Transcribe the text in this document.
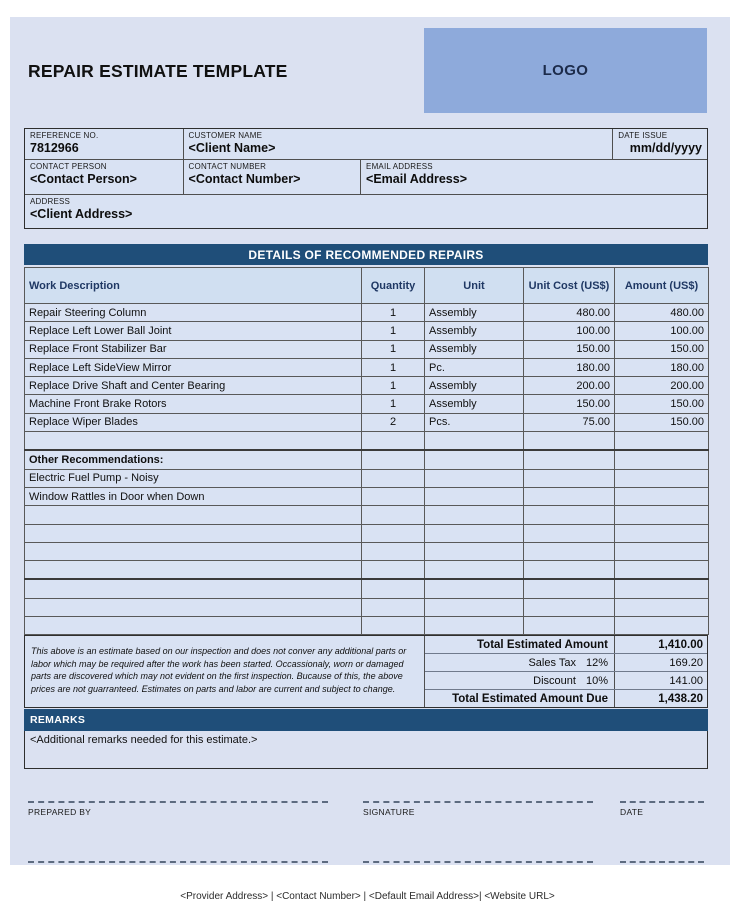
REPAIR ESTIMATE TEMPLATE	LOGO
REFERENCE NO.
7812966
CUSTOMER NAME
<Client Name>
DATE ISSUE
mm/dd/yyyy
CONTACT PERSON
<Contact Person>
CONTACT NUMBER
<Contact Number>
EMAIL ADDRESS
<Email Address>
ADDRESS
<Client Address>
DETAILS OF RECOMMENDED REPAIRS
Work Description	Quantity	Unit	Unit Cost (US$)	Amount (US$)
Repair Steering Column	1	Assembly	480.00	480.00
Replace Left Lower Ball Joint	1	Assembly	100.00	100.00
Replace Front Stabilizer Bar	1	Assembly	150.00	150.00
Replace Left SideView Mirror	1	Pc.	180.00	180.00
Replace Drive Shaft and Center Bearing	1	Assembly	200.00	200.00
Machine Front Brake Rotors	1	Assembly	150.00	150.00
Replace Wiper Blades	2	Pcs.	75.00	150.00

Other Recommendations:				
Electric Fuel Pump - Noisy				
Window Rattles in Door when Down				

This above is an estimate based on our inspection and does not conver any additional parts or labor which may be required after the work has been started. Occassionaly, worn or damaged parts are discovered which may not evident on the first inspection. Bucause of this, the above prices are not guarranteed. Estimates on parts and labor are current and subject to change.
Total Estimated Amount	1,410.00
Sales Tax 12%	169.20
Discount 10%	141.00
Total Estimated Amount Due	1,438.20
REMARKS
<Additional remarks needed for this estimate.>
PREPARED BY	SIGNATURE	DATE
<Provider Address> | <Contact Number> | <Default Email Address>| <Website URL>
